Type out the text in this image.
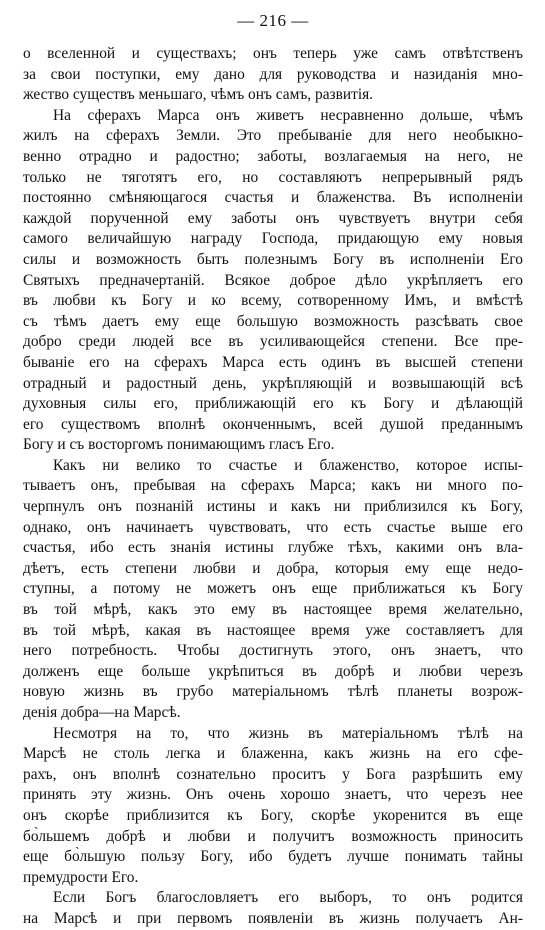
— 216 —
о вселенной и существахъ; онъ теперь уже самъ отвѣтственъ
за свои поступки, ему дано для руководства и назиданія мно-
жество существъ меньшаго, чѣмъ онъ самъ, развитія.
На сферахъ Марса онъ живетъ несравненно дольше, чѣмъ
жилъ на сферахъ Земли. Это пребываніе для него необыкно-
венно отрадно и радостно; заботы, возлагаемыя на него, не
только не тяготятъ его, но составляютъ непрерывный рядъ
постоянно смѣняющагося счастья и блаженства. Въ исполненіи
каждой порученной ему заботы онъ чувствуетъ внутри себя
самого величайшую награду Господа, придающую ему новыя
силы и возможность быть полезнымъ Богу въ исполненіи Его
Святыхъ предначертаній. Всякое доброе дѣло укрѣпляетъ его
въ любви къ Богу и ко всему, сотворенному Имъ, и вмѣстѣ
съ тѣмъ даетъ ему еще большую возможность разсѣвать свое
добро среди людей все въ усиливающейся степени. Все пре-
бываніе его на сферахъ Марса есть одинъ въ высшей степени
отрадный и радостный день, укрѣпляющій и возвышающій всѣ
духовныя силы его, приближающій его къ Богу и дѣлающій
его существомъ вполнѣ оконченнымъ, всей душой преданнымъ
Богу и съ восторгомъ понимающимъ гласъ Его.
Какъ ни велико то счастье и блаженство, которое испы-
тываетъ онъ, пребывая на сферахъ Марса; какъ ни много по-
черпнулъ онъ познаній истины и какъ ни приблизился къ Богу,
однако, онъ начинаетъ чувствовать, что есть счастье выше его
счастья, ибо есть знанія истины глубже тѣхъ, какими онъ вла-
дѣетъ, есть степени любви и добра, которыя ему еще недо-
ступны, а потому не можетъ онъ еще приближаться къ Богу
въ той мѣрѣ, какъ это ему въ настоящее время желательно,
въ той мѣрѣ, какая въ настоящее время уже составляетъ для
него потребность. Чтобы достигнуть этого, онъ знаетъ, что
долженъ еще больше укрѣпиться въ добрѣ и любви черезъ
новую жизнь въ грубо матеріальномъ тѣлѣ планеты возрож-
денія добра—на Марсѣ.
Несмотря на то, что жизнь въ матеріальномъ тѣлѣ на
Марсѣ не столь легка и блаженна, какъ жизнь на его сфе-
рахъ, онъ вполнѣ сознательно проситъ у Бога разрѣшить ему
принять эту жизнь. Онъ очень хорошо знаетъ, что черезъ нее
онъ скорѣе приблизится къ Богу, скорѣе укоренится въ еще
бо̀льшемъ добрѣ и любви и получитъ возможность приносить
еще бо̀льшую пользу Богу, ибо будетъ лучше понимать тайны
премудрости Его.
Если Богъ благословляетъ его выборъ, то онъ родится
на Марсѣ и при первомъ появленіи въ жизнь получаетъ Ан-
